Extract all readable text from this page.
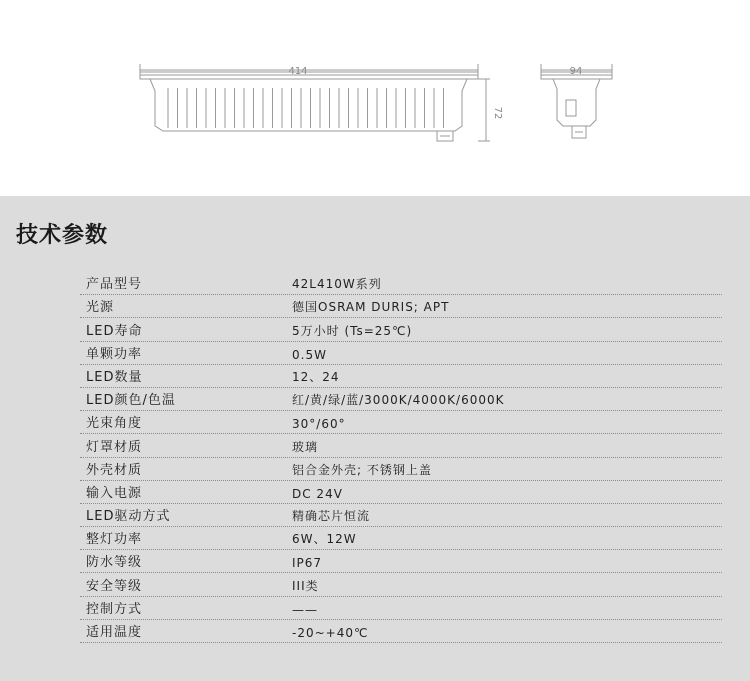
414
72
94
技术参数
产品型号	42L410W系列
光源	德国OSRAM DURIS; APT
LED寿命	5万小时 (Ts=25℃)
单颗功率	0.5W
LED数量	12、24
LED颜色/色温	红/黄/绿/蓝/3000K/4000K/6000K
光束角度	30°/60°
灯罩材质	玻璃
外壳材质	铝合金外壳; 不锈钢上盖
输入电源	DC 24V
LED驱动方式	精确芯片恒流
整灯功率	6W、12W
防水等级	IP67
安全等级	III类
控制方式	——
适用温度	-20~+40℃
